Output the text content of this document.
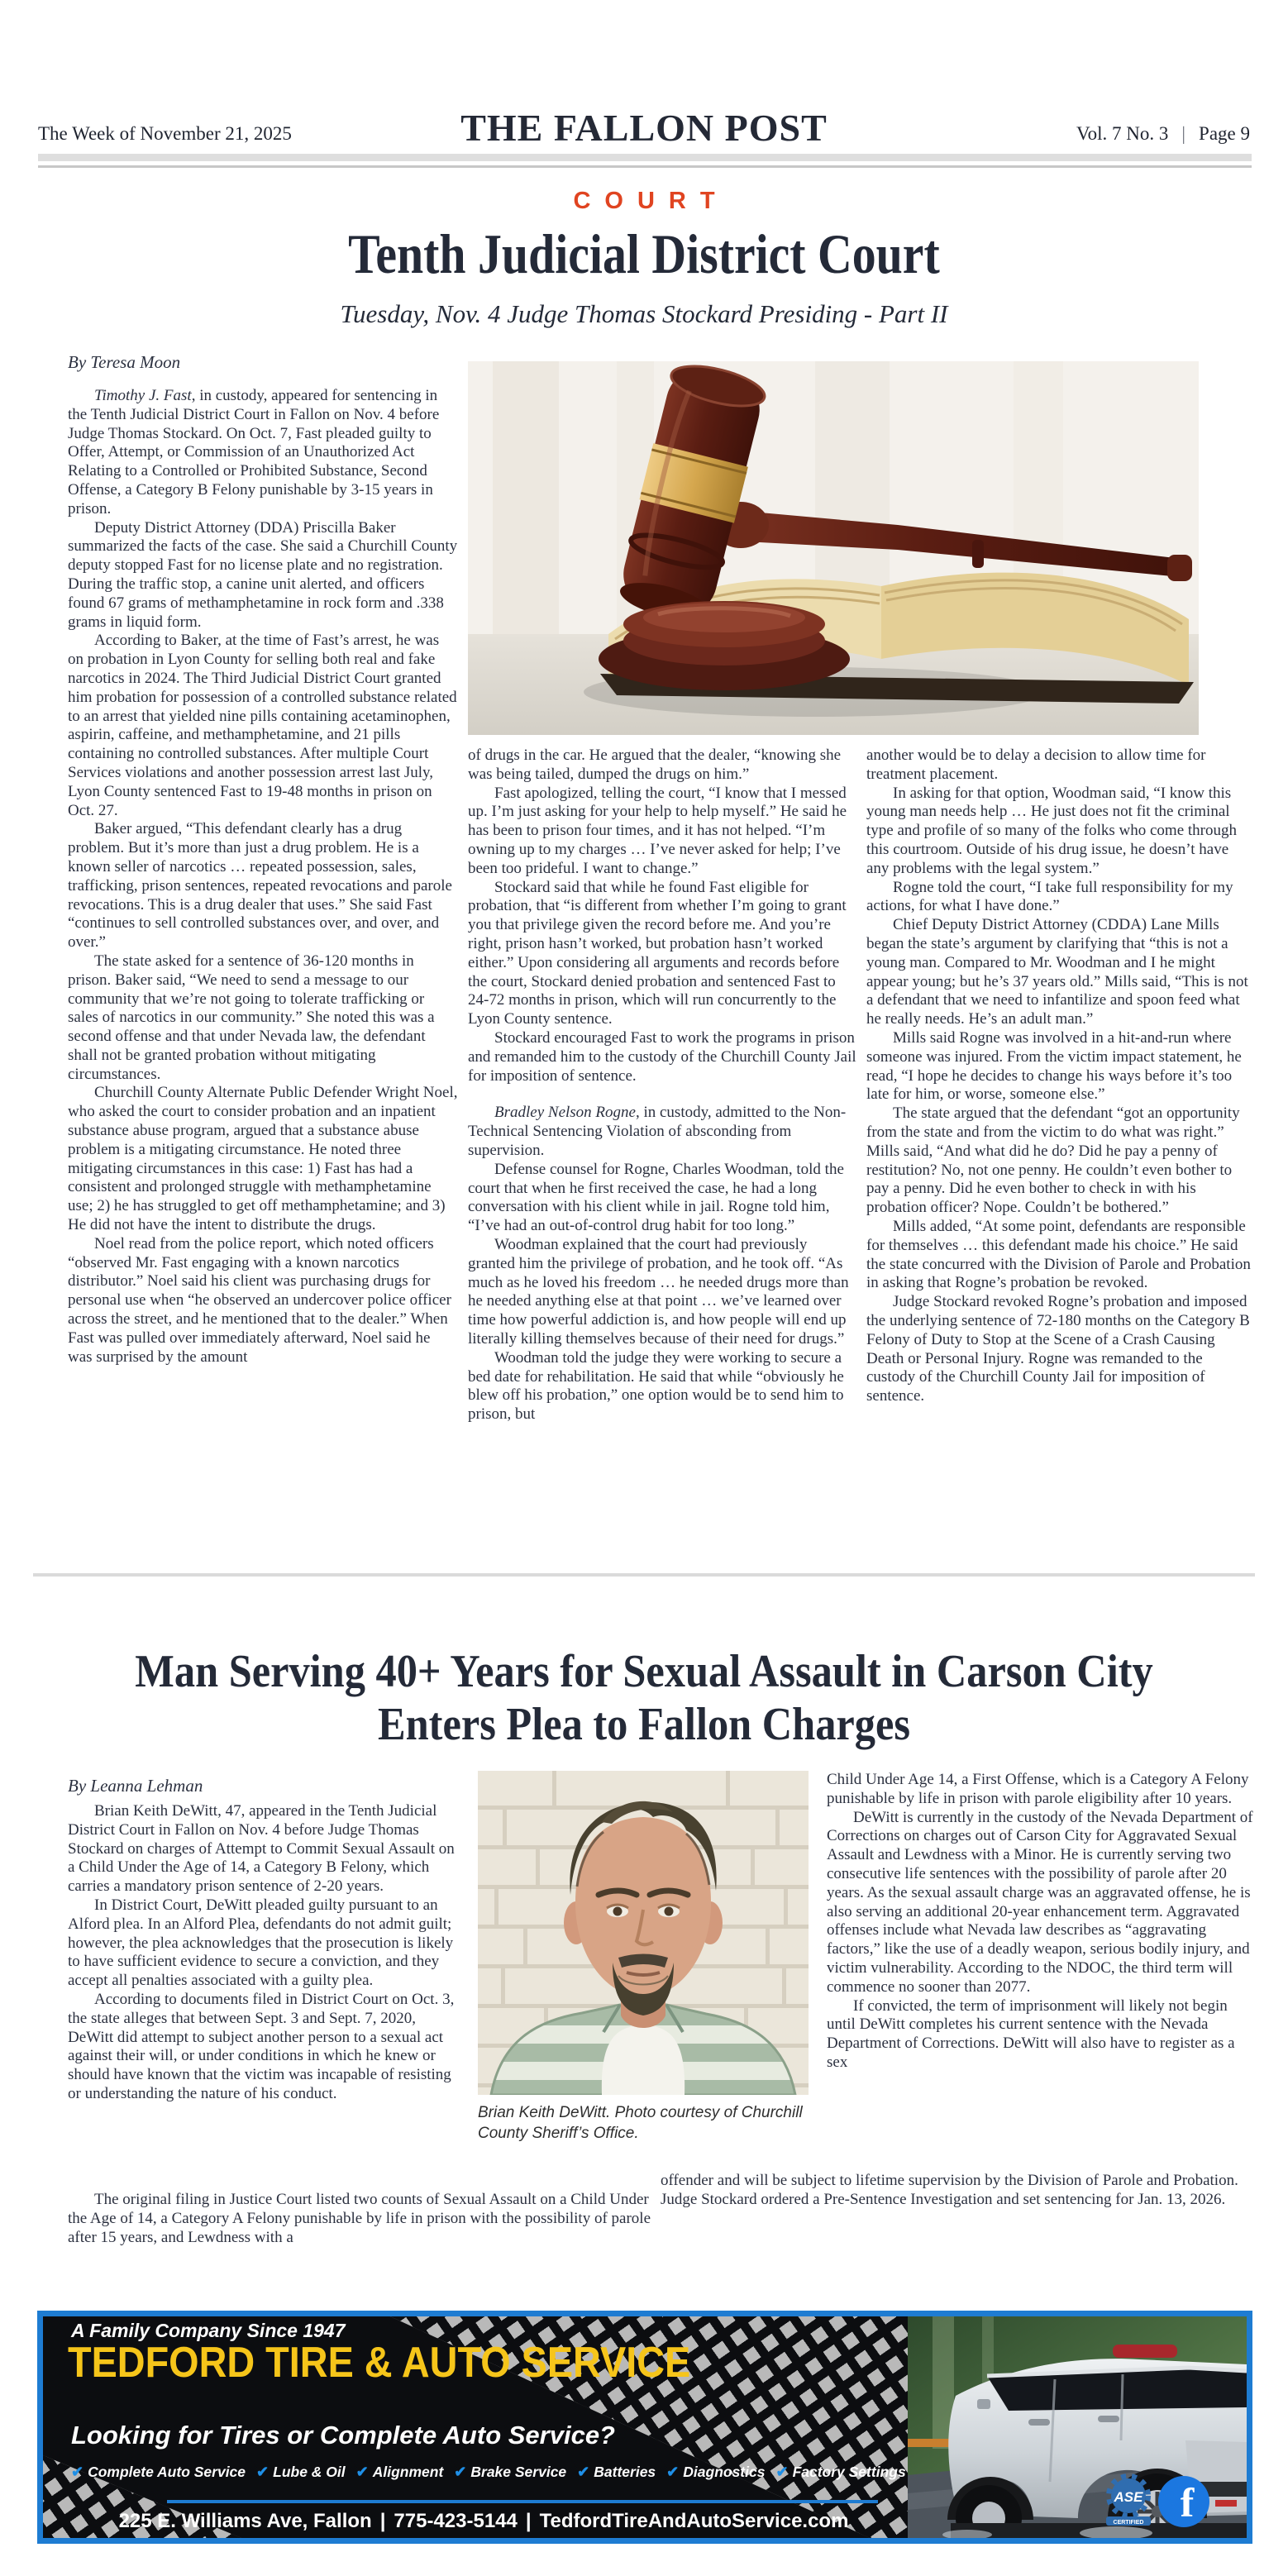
The Week of November 21, 2025	THE FALLON POST	Vol. 7 No. 3 | Page 9
COURT
Tenth Judicial District Court
Tuesday, Nov. 4 Judge Thomas Stockard Presiding - Part II
By Teresa Moon

Timothy J. Fast, in custody, appeared for sentencing in the Tenth Judicial District Court in Fallon on Nov. 4 before Judge Thomas Stockard. On Oct. 7, Fast pleaded guilty to Offer, Attempt, or Commission of an Unauthorized Act Relating to a Controlled or Prohibited Substance, Second Offense, a Category B Felony punishable by 3-15 years in prison.

Deputy District Attorney (DDA) Priscilla Baker summarized the facts of the case. She said a Churchill County deputy stopped Fast for no license plate and no registration. During the traffic stop, a canine unit alerted, and officers found 67 grams of methamphetamine in rock form and .338 grams in liquid form.

According to Baker, at the time of Fast’s arrest, he was on probation in Lyon County for selling both real and fake narcotics in 2024. The Third Judicial District Court granted him probation for possession of a controlled substance related to an arrest that yielded nine pills containing acetaminophen, aspirin, caffeine, and methamphetamine, and 21 pills containing no controlled substances. After multiple Court Services violations and another possession arrest last July, Lyon County sentenced Fast to 19-48 months in prison on Oct. 27.

Baker argued, “This defendant clearly has a drug problem. But it’s more than just a drug problem. He is a known seller of narcotics … repeated possession, sales, trafficking, prison sentences, repeated revocations and parole revocations. This is a drug dealer that uses.” She said Fast “continues to sell controlled substances over, and over, and over.”

The state asked for a sentence of 36-120 months in prison. Baker said, “We need to send a message to our community that we’re not going to tolerate trafficking or sales of narcotics in our community.” She noted this was a second offense and that under Nevada law, the defendant shall not be granted probation without mitigating circumstances.

Churchill County Alternate Public Defender Wright Noel, who asked the court to consider probation and an inpatient substance abuse program, argued that a substance abuse problem is a mitigating circumstance. He noted three mitigating circumstances in this case: 1) Fast has had a consistent and prolonged struggle with methamphetamine use; 2) he has struggled to get off methamphetamine; and 3) He did not have the intent to distribute the drugs.

Noel read from the police report, which noted officers “observed Mr. Fast engaging with a known narcotics distributor.” Noel said his client was purchasing drugs for personal use when “he observed an undercover police officer across the street, and he mentioned that to the dealer.” When Fast was pulled over immediately afterward, Noel said he was surprised by the amount

of drugs in the car. He argued that the dealer, “knowing she was being tailed, dumped the drugs on him.”

Fast apologized, telling the court, “I know that I messed up. I’m just asking for your help to help myself.” He said he has been to prison four times, and it has not helped. “I’m owning up to my charges … I’ve never asked for help; I’ve been too prideful. I want to change.”

Stockard said that while he found Fast eligible for probation, that “is different from whether I’m going to grant you that privilege given the record before me. And you’re right, prison hasn’t worked, but probation hasn’t worked either.” Upon considering all arguments and records before the court, Stockard denied probation and sentenced Fast to 24-72 months in prison, which will run concurrently to the Lyon County sentence.

Stockard encouraged Fast to work the programs in prison and remanded him to the custody of the Churchill County Jail for imposition of sentence.

Bradley Nelson Rogne, in custody, admitted to the Non-Technical Sentencing Violation of absconding from supervision.

Defense counsel for Rogne, Charles Woodman, told the court that when he first received the case, he had a long conversation with his client while in jail. Rogne told him, “I’ve had an out-of-control drug habit for too long.”

Woodman explained that the court had previously granted him the privilege of probation, and he took off. “As much as he loved his freedom … he needed drugs more than he needed anything else at that point … we’ve learned over time how powerful addiction is, and how people will end up literally killing themselves because of their need for drugs.”

Woodman told the judge they were working to secure a bed date for rehabilitation. He said that while “obviously he blew off his probation,” one option would be to send him to prison, but

another would be to delay a decision to allow time for treatment placement.

In asking for that option, Woodman said, “I know this young man needs help … He just does not fit the criminal type and profile of so many of the folks who come through this courtroom. Outside of his drug issue, he doesn’t have any problems with the legal system.”

Rogne told the court, “I take full responsibility for my actions, for what I have done.”

Chief Deputy District Attorney (CDDA) Lane Mills began the state’s argument by clarifying that “this is not a young man. Compared to Mr. Woodman and I he might appear young; but he’s 37 years old.” Mills said, “This is not a defendant that we need to infantilize and spoon feed what he really needs. He’s an adult man.”

Mills said Rogne was involved in a hit-and-run where someone was injured. From the victim impact statement, he read, “I hope he decides to change his ways before it’s too late for him, or worse, someone else.”

The state argued that the defendant “got an opportunity from the state and from the victim to do what was right.” Mills said, “And what did he do? Did he pay a penny of restitution? No, not one penny. He couldn’t even bother to pay a penny. Did he even bother to check in with his probation officer? Nope. Couldn’t be bothered.”

Mills added, “At some point, defendants are responsible for themselves … this defendant made his choice.” He said the state concurred with the Division of Parole and Probation in asking that Rogne’s probation be revoked.

Judge Stockard revoked Rogne’s probation and imposed the underlying sentence of 72-180 months on the Category B Felony of Duty to Stop at the Scene of a Crash Causing Death or Personal Injury. Rogne was remanded to the custody of the Churchill County Jail for imposition of sentence.

Man Serving 40+ Years for Sexual Assault in Carson City Enters Plea to Fallon Charges
By Leanna Lehman

Brian Keith DeWitt, 47, appeared in the Tenth Judicial District Court in Fallon on Nov. 4 before Judge Thomas Stockard on charges of Attempt to Commit Sexual Assault on a Child Under the Age of 14, a Category B Felony, which carries a mandatory prison sentence of 2-20 years.

In District Court, DeWitt pleaded guilty pursuant to an Alford plea. In an Alford Plea, defendants do not admit guilt; however, the plea acknowledges that the prosecution is likely to have sufficient evidence to secure a conviction, and they accept all penalties associated with a guilty plea.

According to documents filed in District Court on Oct. 3, the state alleges that between Sept. 3 and Sept. 7, 2020, DeWitt did attempt to subject another person to a sexual act against their will, or under conditions in which he knew or should have known that the victim was incapable of resisting or understanding the nature of his conduct.

Brian Keith DeWitt. Photo courtesy of Churchill County Sheriff’s Office.

Child Under Age 14, a First Offense, which is a Category A Felony punishable by life in prison with parole eligibility after 10 years.

DeWitt is currently in the custody of the Nevada Department of Corrections on charges out of Carson City for Aggravated Sexual Assault and Lewdness with a Minor. He is currently serving two consecutive life sentences with the possibility of parole after 20 years. As the sexual assault charge was an aggravated offense, he is also serving an additional 20-year enhancement term. Aggravated offenses include what Nevada law describes as “aggravating factors,” like the use of a deadly weapon, serious bodily injury, and victim vulnerability. According to the NDOC, the third term will commence no sooner than 2077.

If convicted, the term of imprisonment will likely not begin until DeWitt completes his current sentence with the Nevada Department of Corrections. DeWitt will also have to register as a sex

The original filing in Justice Court listed two counts of Sexual Assault on a Child Under the Age of 14, a Category A Felony punishable by life in prison with the possibility of parole after 15 years, and Lewdness with a

offender and will be subject to lifetime supervision by the Division of Parole and Probation. Judge Stockard ordered a Pre-Sentence Investigation and set sentencing for Jan. 13, 2026.

A Family Company Since 1947
TEDFORD TIRE & AUTO SERVICE
Looking for Tires or Complete Auto Service?
✔ Complete Auto Service ✔ Lube & Oil ✔ Alignment ✔ Brake Service ✔ Batteries ✔ Diagnostics ✔ Factory Settings
225 E. Williams Ave, Fallon | 775-423-5144 | TedfordTireAndAutoService.com
ASE
CERTIFIED f
